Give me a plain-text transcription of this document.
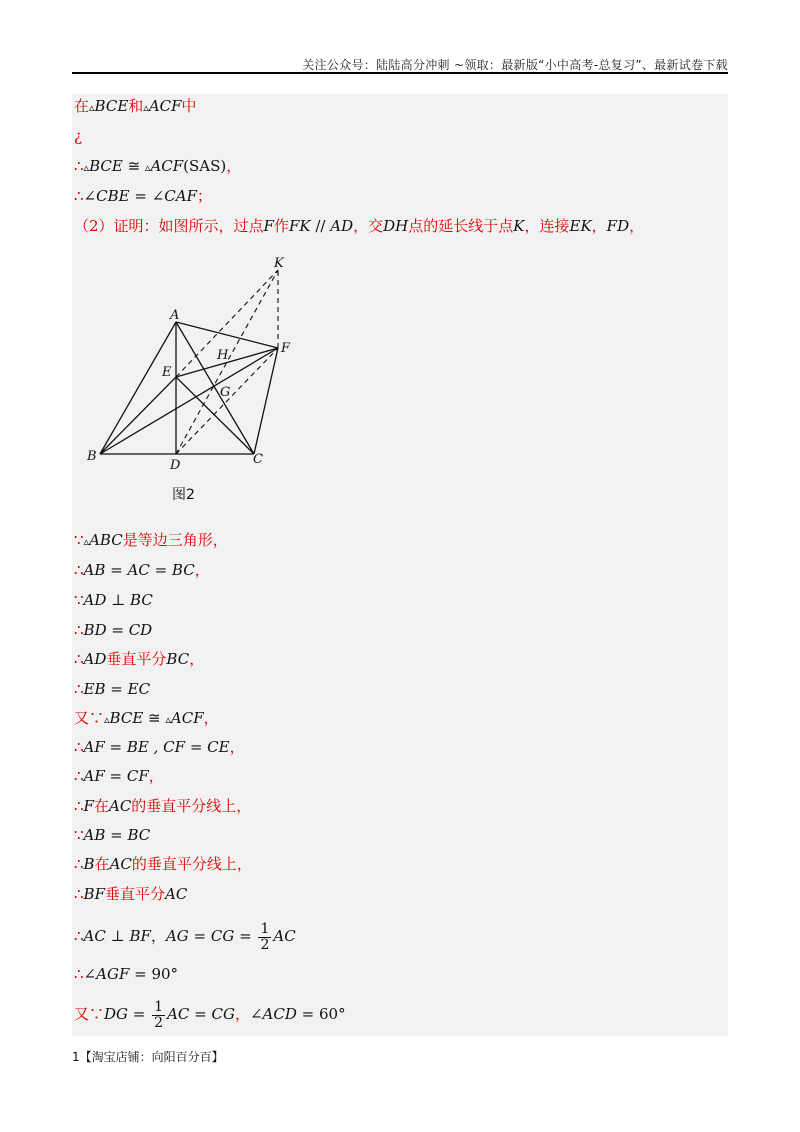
关注公众号：陆陆高分冲刺 ~领取：最新版“小中高考-总复习”、最新试卷下载
在▵BCE和▵ACF中
¿
∴▵BCE ≅ ▵ACF(SAS)，
∴∠CBE = ∠CAF；
（2）证明：如图所示，过点F作FK // AD，交DH点的延长线于点K，连接EK，FD，
K
A
F
H
E
G
B
D	C
图2
∵▵ABC是等边三角形，
∴AB = AC = BC，
∵AD ⊥ BC
∴BD = CD
∴AD垂直平分BC，
∴EB = EC
又∵▵BCE ≅ ▵ACF，
∴AF = BE , CF = CE，
∴AF = CF，
∴F在AC的垂直平分线上，
∵AB = BC
∴B在AC的垂直平分线上，
∴BF垂直平分AC
∴AC ⊥ BF，AG = CG = $\frac{1}{2}$ AC
∴∠AGF = 90°
又∵DG = $\frac{1}{2}$ AC = CG，∠ACD = 60°
1【淘宝店铺：向阳百分百】
